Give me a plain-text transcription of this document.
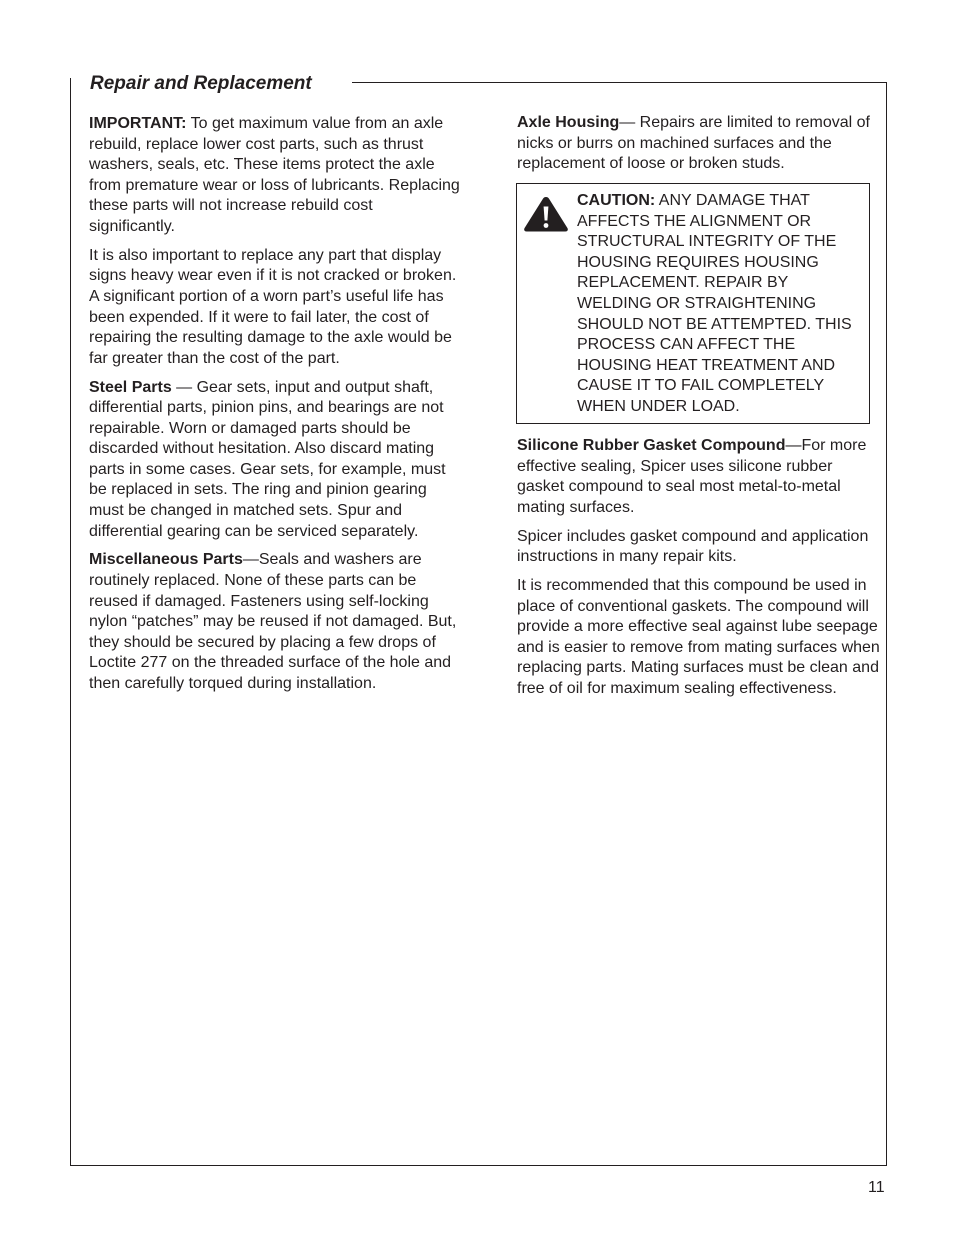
Repair and Replacement

IMPORTANT: To get maximum value from an axle rebuild, replace lower cost parts, such as thrust washers, seals, etc. These items protect the axle from premature wear or loss of lubricants. Replacing these parts will not increase rebuild cost significantly.

It is also important to replace any part that display signs heavy wear even if it is not cracked or broken. A significant portion of a worn part’s useful life has been expended. If it were to fail later, the cost of repairing the resulting damage to the axle would be far greater than the cost of the part.

Steel Parts — Gear sets, input and output shaft, differential parts, pinion pins, and bearings are not repairable. Worn or damaged parts should be discarded without hesitation. Also discard mating parts in some cases. Gear sets, for example, must be replaced in sets. The ring and pinion gearing must be changed in matched sets. Spur and differential gearing can be serviced separately.

Miscellaneous Parts—Seals and washers are routinely replaced. None of these parts can be reused if damaged. Fasteners using self-locking nylon “patches” may be reused if not damaged. But, they should be secured by placing a few drops of Loctite 277 on the threaded surface of the hole and then carefully torqued during installation.

Axle Housing— Repairs are limited to removal of nicks or burrs on machined surfaces and the replacement of loose or broken studs.

CAUTION: ANY DAMAGE THAT AFFECTS THE ALIGNMENT OR STRUCTURAL INTEGRITY OF THE HOUSING REQUIRES HOUSING REPLACEMENT. REPAIR BY WELDING OR STRAIGHTENING SHOULD NOT BE ATTEMPTED. THIS PROCESS CAN AFFECT THE HOUSING HEAT TREATMENT AND CAUSE IT TO FAIL COMPLETELY WHEN UNDER LOAD.

Silicone Rubber Gasket Compound—For more effective sealing, Spicer uses silicone rubber gasket compound to seal most metal-to-metal mating surfaces.

Spicer includes gasket compound and application instructions in many repair kits.

It is recommended that this compound be used in place of conventional gaskets. The compound will provide a more effective seal against lube seepage and is easier to remove from mating surfaces when replacing parts. Mating surfaces must be clean and free of oil for maximum sealing effectiveness.

11
